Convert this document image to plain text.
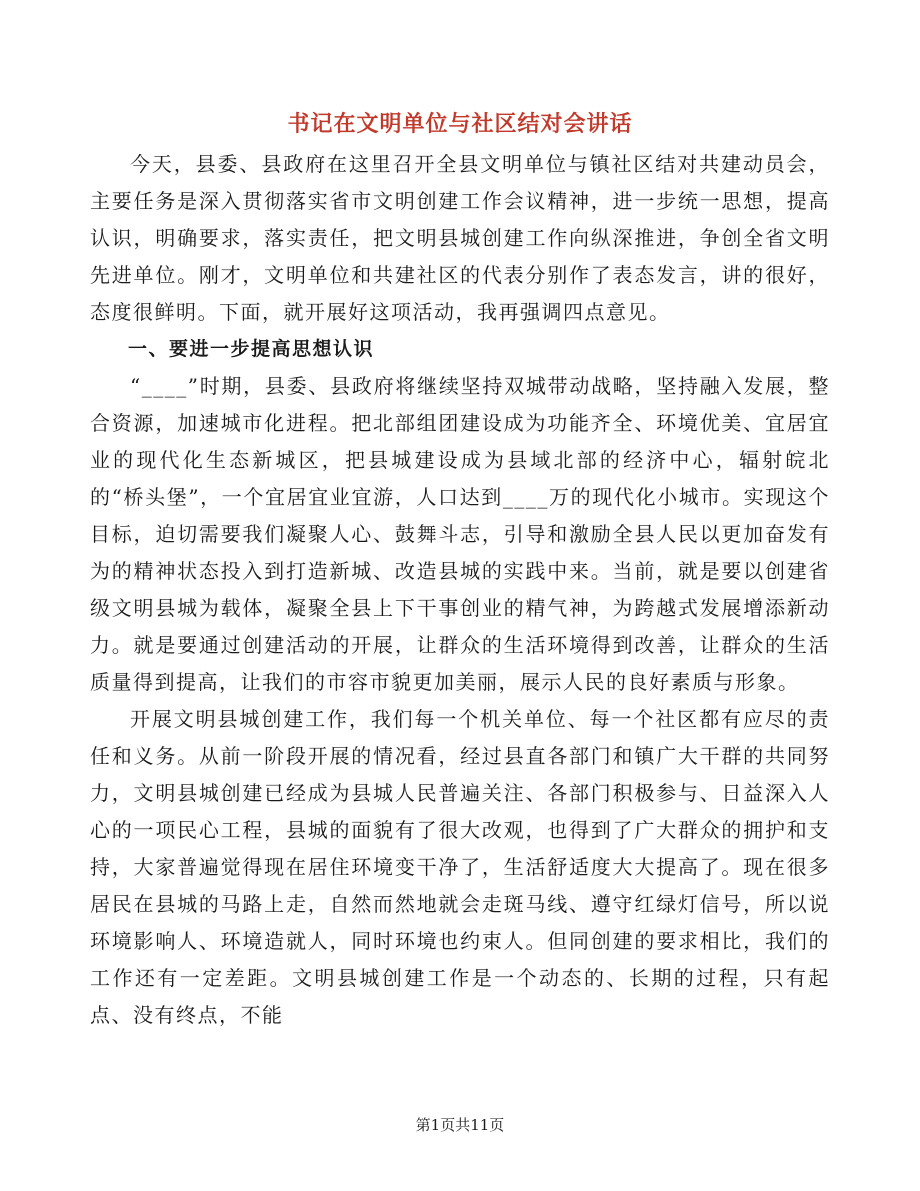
书记在文明单位与社区结对会讲话

今天，县委、县政府在这里召开全县文明单位与镇社区结对共建动员会，主要任务是深入贯彻落实省市文明创建工作会议精神，进一步统一思想，提高认识，明确要求，落实责任，把文明县城创建工作向纵深推进，争创全省文明先进单位。刚才，文明单位和共建社区的代表分别作了表态发言，讲的很好，态度很鲜明。下面，就开展好这项活动，我再强调四点意见。

一、要进一步提高思想认识

“____”时期，县委、县政府将继续坚持双城带动战略，坚持融入发展，整合资源，加速城市化进程。把北部组团建设成为功能齐全、环境优美、宜居宜业的现代化生态新城区，把县城建设成为县域北部的经济中心，辐射皖北的“桥头堡”，一个宜居宜业宜游，人口达到____万的现代化小城市。实现这个目标，迫切需要我们凝聚人心、鼓舞斗志，引导和激励全县人民以更加奋发有为的精神状态投入到打造新城、改造县城的实践中来。当前，就是要以创建省级文明县城为载体，凝聚全县上下干事创业的精气神，为跨越式发展增添新动力。就是要通过创建活动的开展，让群众的生活环境得到改善，让群众的生活质量得到提高，让我们的市容市貌更加美丽，展示人民的良好素质与形象。

开展文明县城创建工作，我们每一个机关单位、每一个社区都有应尽的责任和义务。从前一阶段开展的情况看，经过县直各部门和镇广大干群的共同努力，文明县城创建已经成为县城人民普遍关注、各部门积极参与、日益深入人心的一项民心工程，县城的面貌有了很大改观，也得到了广大群众的拥护和支持，大家普遍觉得现在居住环境变干净了，生活舒适度大大提高了。现在很多居民在县城的马路上走，自然而然地就会走斑马线、遵守红绿灯信号，所以说环境影响人、环境造就人，同时环境也约束人。但同创建的要求相比，我们的工作还有一定差距。文明县城创建工作是一个动态的、长期的过程，只有起点、没有终点，不能

第1页共11页
